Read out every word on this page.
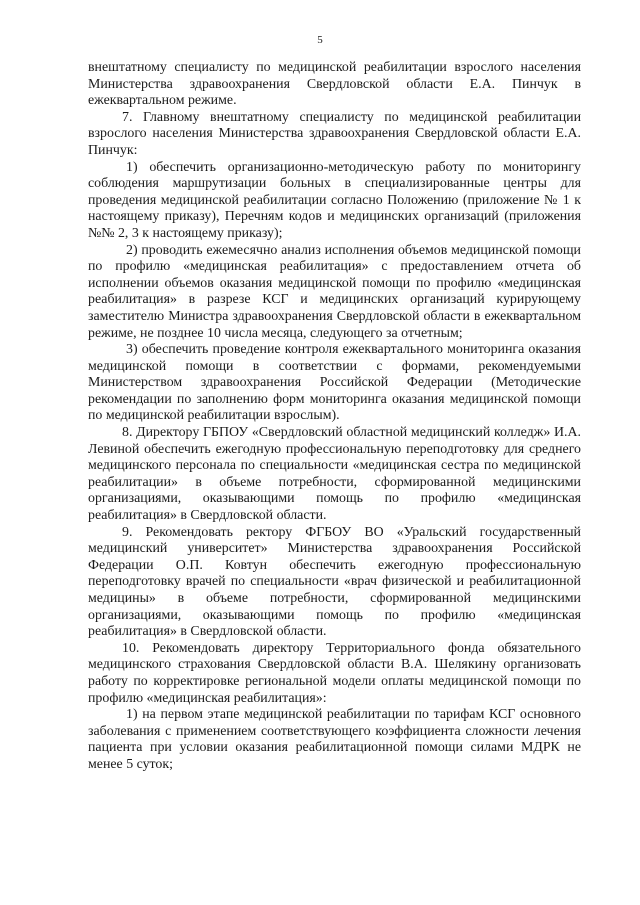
5

внештатному специалисту по медицинской реабилитации взрослого населения Министерства здравоохранения Свердловской области Е.А. Пинчук в ежеквартальном режиме.

7. Главному внештатному специалисту по медицинской реабилитации взрослого населения Министерства здравоохранения Свердловской области Е.А. Пинчук:

1) обеспечить организационно-методическую работу по мониторингу соблюдения маршрутизации больных в специализированные центры для проведения медицинской реабилитации согласно Положению (приложение № 1 к настоящему приказу), Перечням кодов и медицинских организаций (приложения №№ 2, 3 к настоящему приказу);

2) проводить ежемесячно анализ исполнения объемов медицинской помощи по профилю «медицинская реабилитация» с предоставлением отчета об исполнении объемов оказания медицинской помощи по профилю «медицинская реабилитация» в разрезе КСГ и медицинских организаций курирующему заместителю Министра здравоохранения Свердловской области в ежеквартальном режиме, не позднее 10 числа месяца, следующего за отчетным;

3) обеспечить проведение контроля ежеквартального мониторинга оказания медицинской помощи в соответствии с формами, рекомендуемыми Министерством здравоохранения Российской Федерации (Методические рекомендации по заполнению форм мониторинга оказания медицинской помощи по медицинской реабилитации взрослым).

8. Директору ГБПОУ «Свердловский областной медицинский колледж» И.А. Левиной обеспечить ежегодную профессиональную переподготовку для среднего медицинского персонала по специальности «медицинская сестра по медицинской реабилитации» в объеме потребности, сформированной медицинскими организациями, оказывающими помощь по профилю «медицинская реабилитация» в Свердловской области.

9. Рекомендовать ректору ФГБОУ ВО «Уральский государственный медицинский университет» Министерства здравоохранения Российской Федерации О.П. Ковтун обеспечить ежегодную профессиональную переподготовку врачей по специальности «врач физической и реабилитационной медицины» в объеме потребности, сформированной медицинскими организациями, оказывающими помощь по профилю «медицинская реабилитация» в Свердловской области.

10. Рекомендовать директору Территориального фонда обязательного медицинского страхования Свердловской области В.А. Шелякину организовать работу по корректировке региональной модели оплаты медицинской помощи по профилю «медицинская реабилитация»:

1) на первом этапе медицинской реабилитации по тарифам КСГ основного заболевания с применением соответствующего коэффициента сложности лечения пациента при условии оказания реабилитационной помощи силами МДРК не менее 5 суток;
